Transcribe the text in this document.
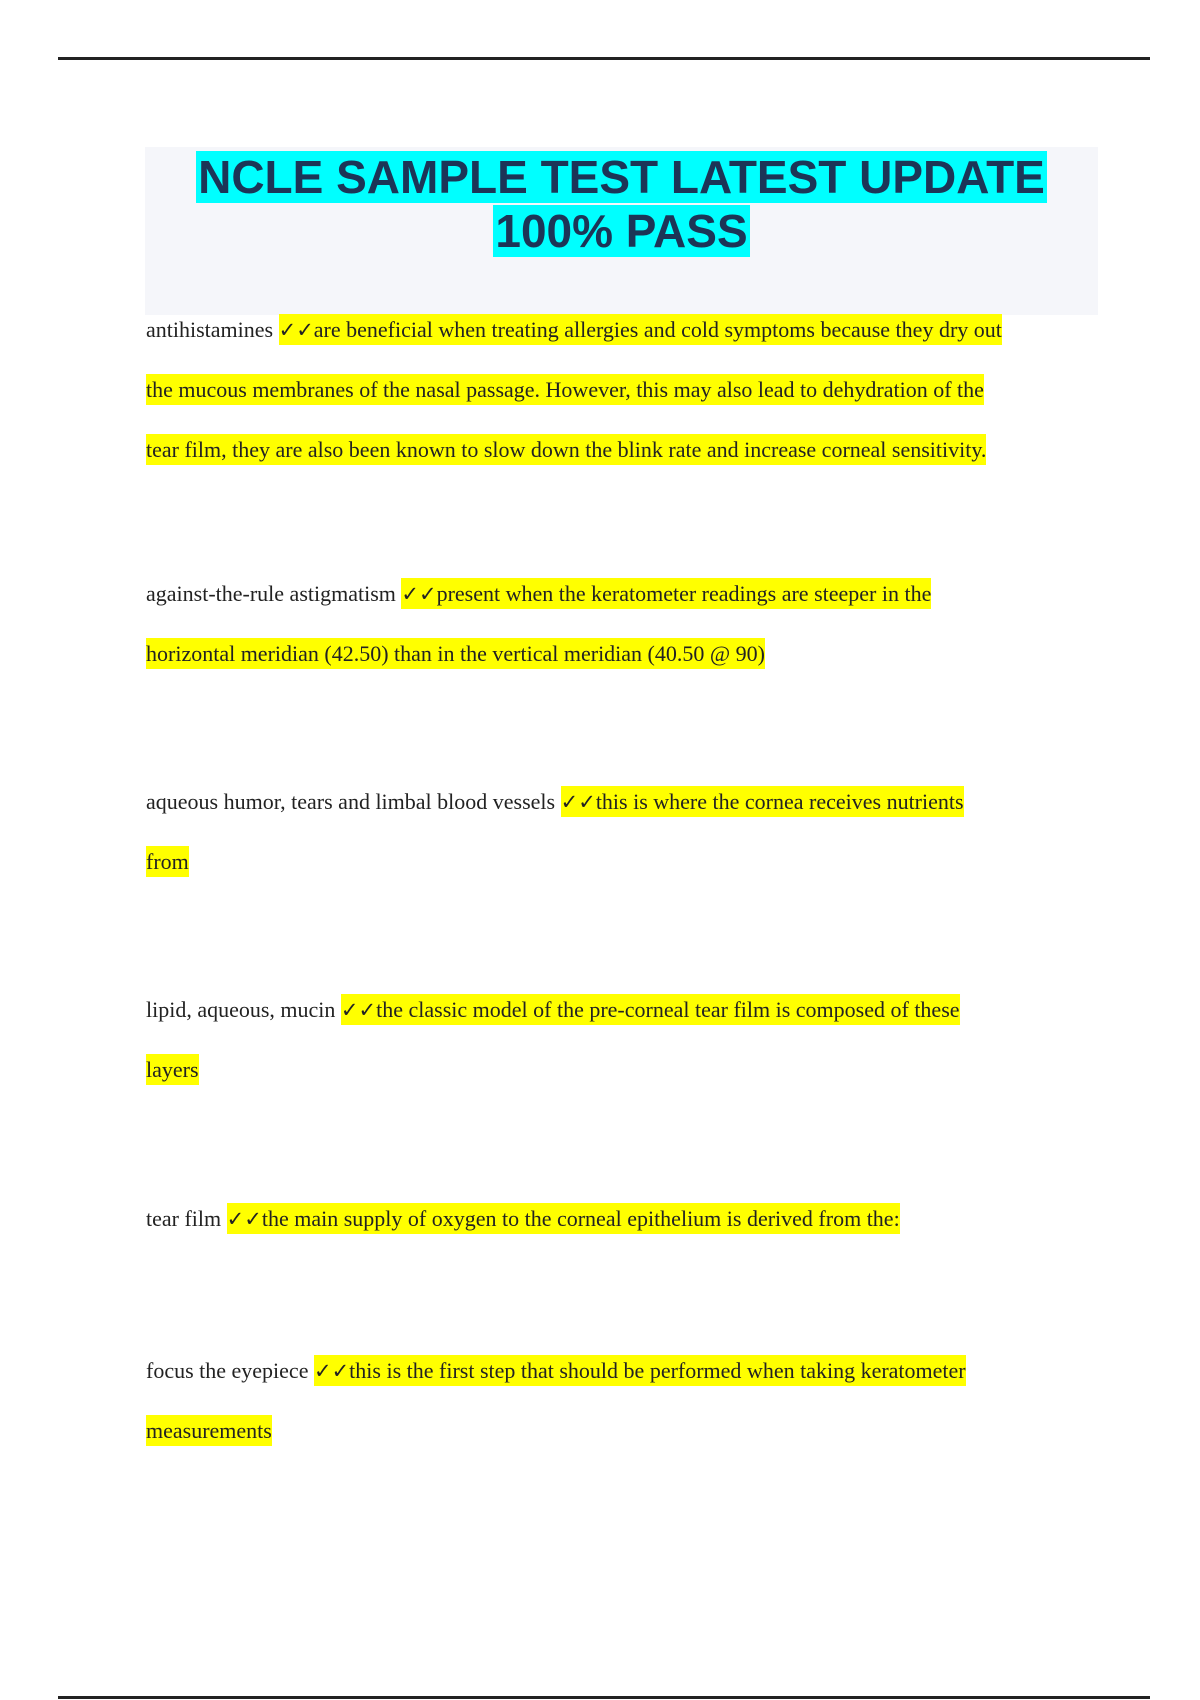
NCLE SAMPLE TEST LATEST UPDATE
100% PASS
antihistamines ✓✓are beneficial when treating allergies and cold symptoms because they dry out
the mucous membranes of the nasal passage. However, this may also lead to dehydration of the
tear film, they are also been known to slow down the blink rate and increase corneal sensitivity.
against-the-rule astigmatism ✓✓present when the keratometer readings are steeper in the
horizontal meridian (42.50) than in the vertical meridian (40.50 @ 90)
aqueous humor, tears and limbal blood vessels ✓✓this is where the cornea receives nutrients
from
lipid, aqueous, mucin ✓✓the classic model of the pre-corneal tear film is composed of these
layers
tear film ✓✓the main supply of oxygen to the corneal epithelium is derived from the:
focus the eyepiece ✓✓this is the first step that should be performed when taking keratometer
measurements
